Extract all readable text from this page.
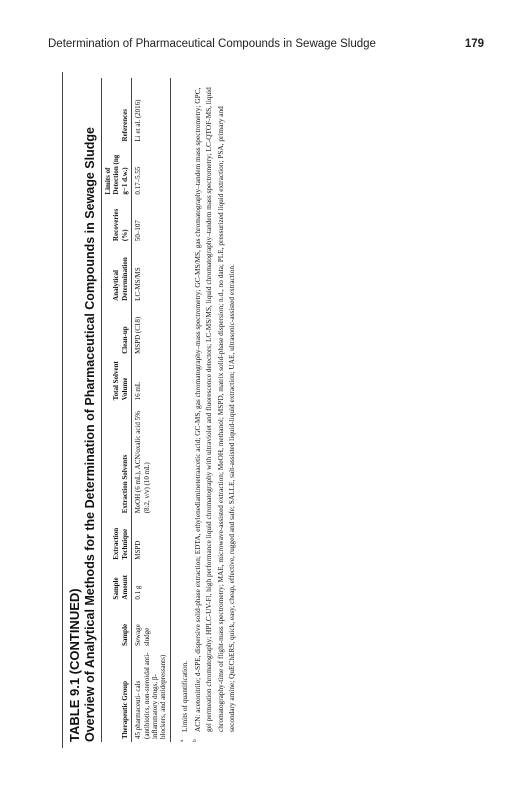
Determination of Pharmaceutical Compounds in Sewage Sludge	179
TABLE 9.1 (CONTINUED) Overview of Analytical Methods for the Determination of Pharmaceutical Compounds in Sewage Sludge	Therapeutic Group	Sample	Sample Amount	Extraction Technique	Extraction Solvents	Total Solvent Volume	Clean-up	Analytical Determination	Recoveries (%)	Limits of Detection (ng g−1 d.w.)	References
45 pharmaceuti- cals (antibiotics, non-steroidal anti-inflammatory drugs, β-blockers, and antidepressants)	Sewage sludge	0.1 g	MSPD	MeOH (6 mL), ACN/oxalic acid 5% (8:2, v/v) (10 mL)	16 mL	MSPD (C18)	LC-MS/MS	50–107	0.17–5.55	Li et al. (2016)
a
Limits of quantification.
b
ACN: acetonitrile; d-SPE, dispersive solid-phase extraction; EDTA, ethylenediaminetetraacetic acid; GC-MS, gas chromatography–mass spectrometry; GC-MS/MS, gas chromatography–tandem mass spectrometry; GPC, gel permeation chromatography; HPLC-UV-Fl, high performance liquid chromatography with ultraviolet and fluorescence detectors; LC-MS/MS, liquid chromatography–tandem mass spectrometry; LC-QTOF-MS, liquid chromatography-time of flight-mass spectrometry; MAE, microwave-assisted extraction; MeOH, methanol; MSPD, matrix solid-phase dispersion; n.d., no data; PLE, pressurized liquid extraction; PSA, primary and secondary amine; QuEChERS, quick, easy, cheap, effective, rugged and safe; SALLE, salt-assisted liquid-liquid extraction; UAE, ultrasonic-assisted extraction.
